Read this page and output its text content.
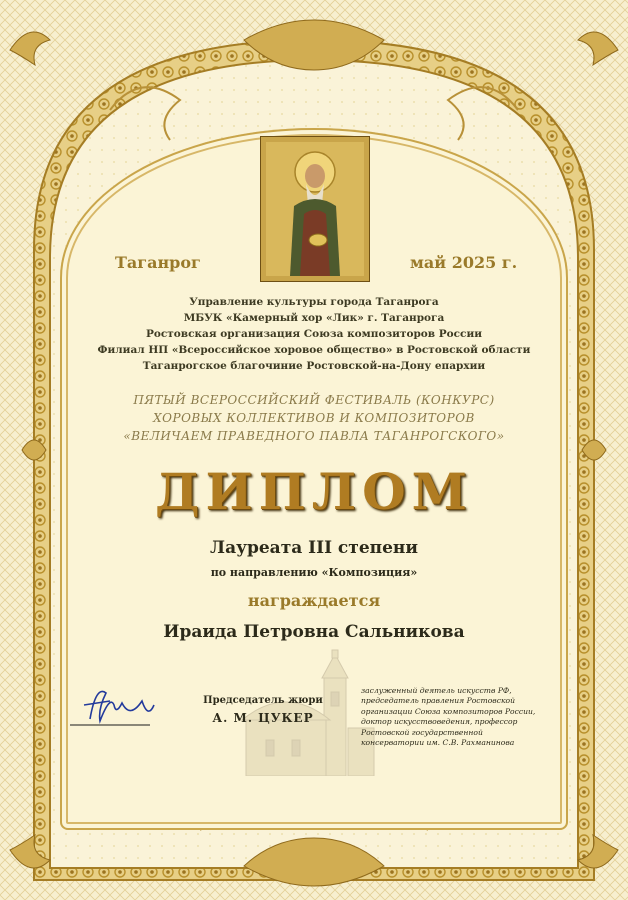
Таганрог	май 2025 г.
Управление культуры города Таганрога
МБУК «Камерный хор «Лик» г. Таганрога
Ростовская организация Союза композиторов России
Филиал НП «Всероссийское хоровое общество» в Ростовской области
Таганрогское благочиние Ростовской-на-Дону епархии
ПЯТЫЙ ВСЕРОССИЙСКИЙ ФЕСТИВАЛЬ (КОНКУРС)
ХОРОВЫХ КОЛЛЕКТИВОВ И КОМПОЗИТОРОВ
«ВЕЛИЧАЕМ ПРАВЕДНОГО ПАВЛА ТАГАНРОГСКОГО»
ДИПЛОМ
Лауреата III степени
по направлению «Композиция»
награждается
Ираида Петровна Сальникова
Председатель жюри
А. М. ЦУКЕР
заслуженный деятель искусств РФ,
председатель правления Ростовской
организации Союза композиторов России,
доктор искусствоведения, профессор
Ростовской государственной
консерватории им. С.В. Рахманинова
